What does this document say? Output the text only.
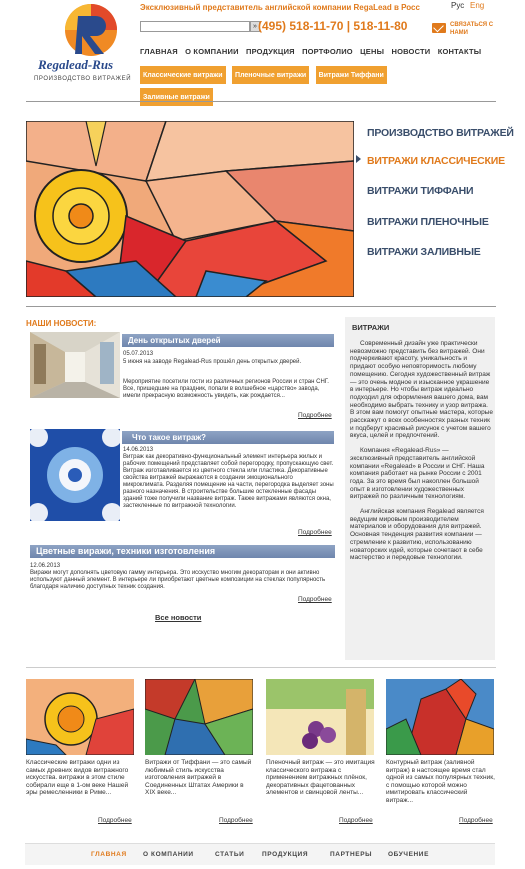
Regalead-Rus
ПРОИЗВОДСТВО ВИТРАЖЕЙ
Эксклюзивный представитель английской компании RegaLead в Росс	Рус Eng
» (495) 518-11-70 | 518-11-80	СВЯЗАТЬСЯ С НАМИ
ГЛАВНАЯ О КОМПАНИИ ПРОДУКЦИЯ ПОРТФОЛИО ЦЕНЫ НОВОСТИ КОНТАКТЫ
Классические витражи Пленочные витражи Витражи Тиффани
Заливные витражи
ПРОИЗВОДСТВО ВИТРАЖЕЙ
ВИТРАЖИ КЛАССИЧЕСКИЕ
ВИТРАЖИ ТИФФАНИ
ВИТРАЖИ ПЛЕНОЧНЫЕ
ВИТРАЖИ ЗАЛИВНЫЕ
НАШИ НОВОСТИ:
День открытых дверей
05.07.2013
5 июня на заводе Regalead-Rus прошёл день открытых дверей.
Мероприятие посетили гости из различных регионов России и стран СНГ. Все, пришедшие на праздник, попали в волшебное «царство» завода, имели прекрасную возможность увидеть, как рождается...
Подробнее
Что такое витраж?
14.06.2013
Витраж как декоративно-функциональный элемент интерьера жилых и рабочих помещений представляет собой перегородку, пропускающую свет. Витраж изготавливается из цветного стекла или пластика. Декоративные свойства витражей выражаются в создании эмоционального микроклимата. Разделяя помещение на части, перегородка выделяет зоны разного назначения. В строительстве большие остекленные фасады зданий тоже получили название витраж. Также витражами являются окна, застекленные по витражной технологии.
Подробнее
Цветные виражи, техники изготовления
12.06.2013
Виражи могут дополнять цветовую гамму интерьера. Это исскуство многим декораторам и они активно используют данный элемент. В интерьере ли приобретают цветные композиции на стеклах популярность благодаря наличию доступных техник создания.
Подробнее
Все новости
ВИТРАЖИ

Современный дизайн уже практически невозможно представить без витражей. Они подчеркивают красоту, уникальность и придают особую неповторимость любому помещению. Сегодня художественный витраж — это очень модное и изысканное украшение в интерьере. Но чтобы витраж идеально подходил для оформления вашего дома, вам необходимо выбрать технику и узор витража. В этом вам помогут опытные мастера, которые расскажут о всех особенностях разных техник и подберут красивый рисунок с учетом вашего вкуса, целей и предпочтений.

Компания «Regalead-Rus» — эксклюзивный представитель английской компании «Regalead» в России и СНГ. Наша компания работает на рынке России с 2001 года. За это время был накоплен большой опыт в изготовлении художественных витражей по различным технологиям.

Английская компания Regalead является ведущим мировым производителем материалов и оборудования для витражей. Основная тенденция развития компании — стремление к развитию, использованию новаторских идей, которые сочетают в себе мастерство и передовые технологии.

Классические витражи одни из самых древних видов витражного искусства. витражи в этом стиле собирали еще в 1-ом веке Нашей эры ремесленники в Риме...
Витражи от Тиффани — это самый любимый стиль искусства изготовления витражей в Соединенных Штатах Америки в XIX веке...
Пленочный витраж — это имитация классического витража с применением витражных плёнок, декоративных фацетованных элементов и свинцовой ленты...
Контурный витраж (заливной витраж) в настоящее время стал одной из самых популярных техник, с помощью которой можно имитировать классический витраж...
Подробнее	Подробнее	Подробнее	Подробнее
ГЛАВНАЯ	О КОМПАНИИ	СТАТЬИ	ПРОДУКЦИЯ	ПАРТНЕРЫ ОБУЧЕНИЕ
